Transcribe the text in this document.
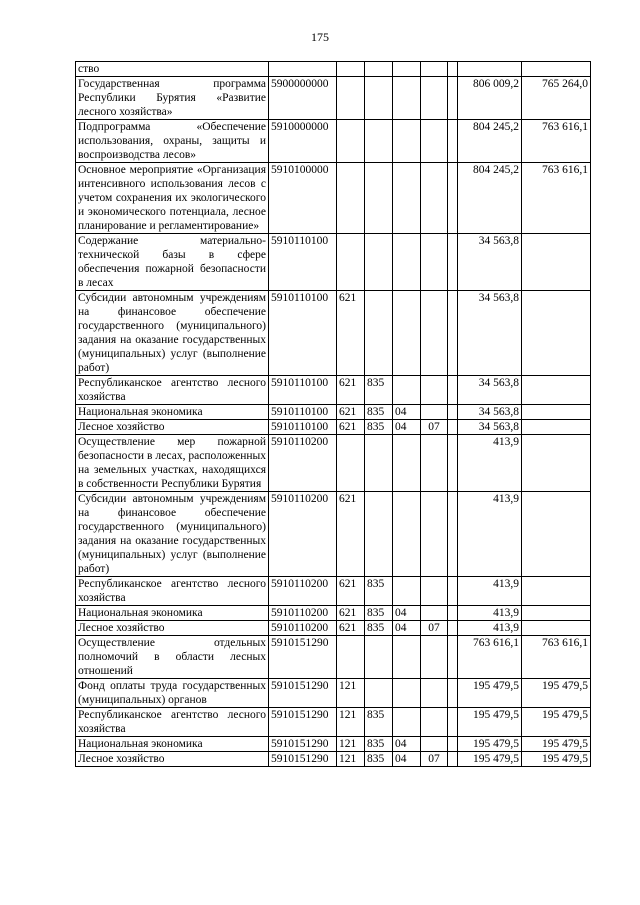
175
ство								
Государственная программа Республики Бурятия «Развитие лесного хозяйства»	5900000000						806 009,2	765 264,0
Подпрограмма «Обеспечение использования, охраны, защиты и воспроизводства лесов»	5910000000						804 245,2	763 616,1
Основное мероприятие «Организация интенсивного использования лесов с учетом сохранения их экологического и экономического потенциала, лесное планирование и регламентирование»	5910100000						804 245,2	763 616,1
Содержание материально-технической базы в сфере обеспечения пожарной безопасности в лесах	5910110100						34 563,8	
Субсидии автономным учреждениям на финансовое обеспечение государственного (муниципального) задания на оказание государственных (муниципальных) услуг (выполнение работ)	5910110100	621					34 563,8	
Республиканское агентство лесного хозяйства	5910110100	621	835				34 563,8	
Национальная экономика	5910110100	621	835	04			34 563,8	
Лесное хозяйство	5910110100	621	835	04	07		34 563,8	
Осуществление мер пожарной безопасности в лесах, расположенных на земельных участках, находящихся в собственности Республики Бурятия	5910110200						413,9	
Субсидии автономным учреждениям на финансовое обеспечение государственного (муниципального) задания на оказание государственных (муниципальных) услуг (выполнение работ)	5910110200	621					413,9	
Республиканское агентство лесного хозяйства	5910110200	621	835				413,9	
Национальная экономика	5910110200	621	835	04			413,9	
Лесное хозяйство	5910110200	621	835	04	07		413,9	
Осуществление отдельных полномочий в области лесных отношений	5910151290						763 616,1	763 616,1
Фонд оплаты труда государственных (муниципальных) органов	5910151290	121					195 479,5	195 479,5
Республиканское агентство лесного хозяйства	5910151290	121	835				195 479,5	195 479,5
Национальная экономика	5910151290	121	835	04			195 479,5	195 479,5
Лесное хозяйство	5910151290	121	835	04	07		195 479,5	195 479,5
